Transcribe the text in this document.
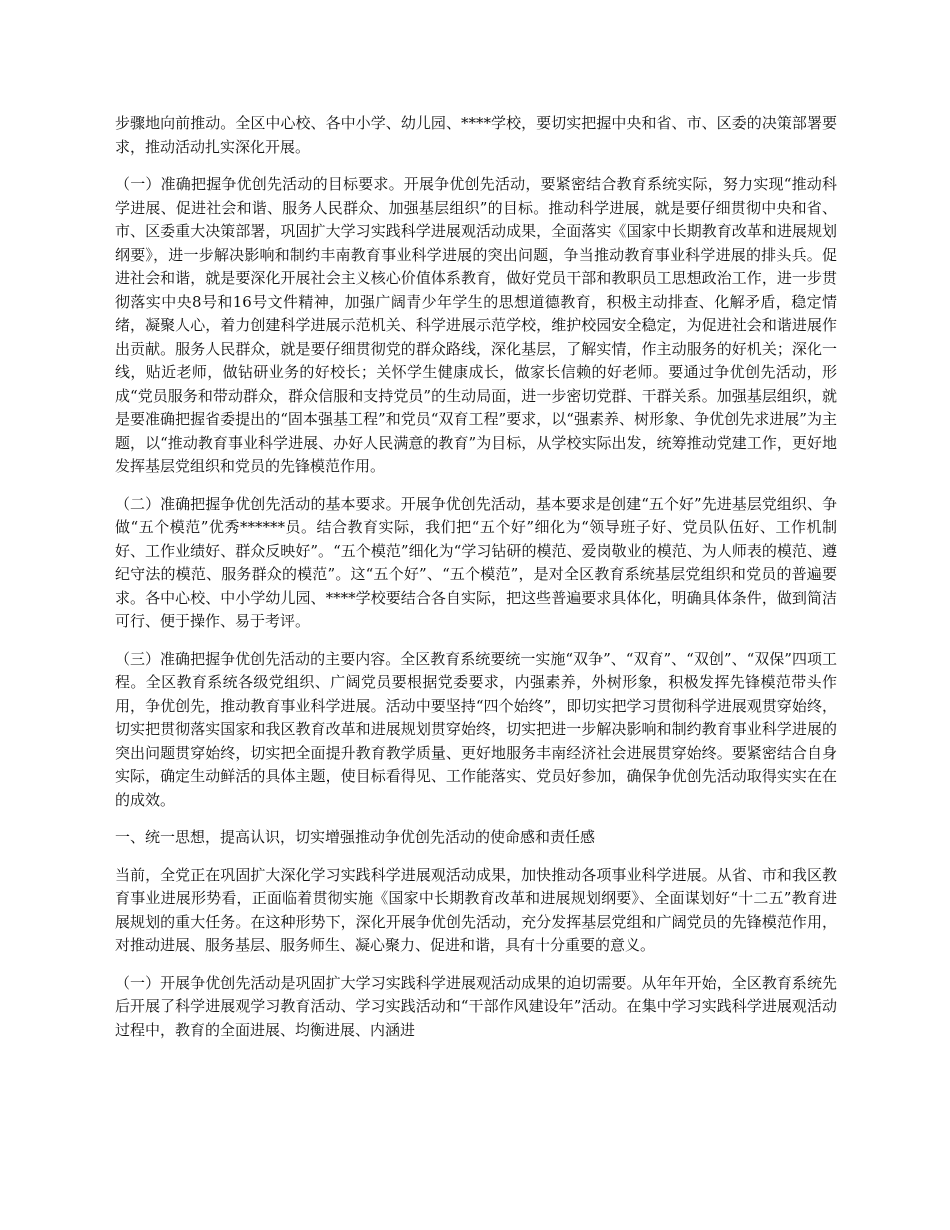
步骤地向前推动。全区中心校、各中小学、幼儿园、****学校，要切实把握中央和省、市、区委的决策部署要求，推动活动扎实深化开展。

（一）准确把握争优创先活动的目标要求。开展争优创先活动，要紧密结合教育系统实际，努力实现“推动科学进展、促进社会和谐、服务人民群众、加强基层组织”的目标。推动科学进展，就是要仔细贯彻中央和省、市、区委重大决策部署，巩固扩大学习实践科学进展观活动成果，全面落实《国家中长期教育改革和进展规划纲要》，进一步解决影响和制约丰南教育事业科学进展的突出问题，争当推动教育事业科学进展的排头兵。促进社会和谐，就是要深化开展社会主义核心价值体系教育，做好党员干部和教职员工思想政治工作，进一步贯彻落实中央8号和16号文件精神，加强广阔青少年学生的思想道德教育，积极主动排查、化解矛盾，稳定情绪，凝聚人心，着力创建科学进展示范机关、科学进展示范学校，维护校园安全稳定，为促进社会和谐进展作出贡献。服务人民群众，就是要仔细贯彻党的群众路线，深化基层，了解实情，作主动服务的好机关；深化一线，贴近老师，做钻研业务的好校长；关怀学生健康成长，做家长信赖的好老师。要通过争优创先活动，形成“党员服务和带动群众，群众信服和支持党员”的生动局面，进一步密切党群、干群关系。加强基层组织，就是要准确把握省委提出的“固本强基工程”和党员“双育工程”要求，以“强素养、树形象、争优创先求进展”为主题，以“推动教育事业科学进展、办好人民满意的教育”为目标，从学校实际出发，统筹推动党建工作，更好地发挥基层党组织和党员的先锋模范作用。

（二）准确把握争优创先活动的基本要求。开展争优创先活动，基本要求是创建“五个好”先进基层党组织、争做“五个模范”优秀******员。结合教育实际，我们把“五个好”细化为“领导班子好、党员队伍好、工作机制好、工作业绩好、群众反映好”。“五个模范”细化为“学习钻研的模范、爱岗敬业的模范、为人师表的模范、遵纪守法的模范、服务群众的模范”。这“五个好”、“五个模范”，是对全区教育系统基层党组织和党员的普遍要求。各中心校、中小学幼儿园、****学校要结合各自实际，把这些普遍要求具体化，明确具体条件，做到简洁可行、便于操作、易于考评。

（三）准确把握争优创先活动的主要内容。全区教育系统要统一实施“双争”、“双育”、“双创”、“双保”四项工程。全区教育系统各级党组织、广阔党员要根据党委要求，内强素养，外树形象，积极发挥先锋模范带头作用，争优创先，推动教育事业科学进展。活动中要坚持“四个始终”，即切实把学习贯彻科学进展观贯穿始终，切实把贯彻落实国家和我区教育改革和进展规划贯穿始终，切实把进一步解决影响和制约教育事业科学进展的突出问题贯穿始终，切实把全面提升教育教学质量、更好地服务丰南经济社会进展贯穿始终。要紧密结合自身实际，确定生动鲜活的具体主题，使目标看得见、工作能落实、党员好参加，确保争优创先活动取得实实在在的成效。

一、统一思想，提高认识，切实增强推动争优创先活动的使命感和责任感

当前，全党正在巩固扩大深化学习实践科学进展观活动成果，加快推动各项事业科学进展。从省、市和我区教育事业进展形势看，正面临着贯彻实施《国家中长期教育改革和进展规划纲要》、全面谋划好“十二五”教育进展规划的重大任务。在这种形势下，深化开展争优创先活动，充分发挥基层党组和广阔党员的先锋模范作用，对推动进展、服务基层、服务师生、凝心聚力、促进和谐，具有十分重要的意义。

（一）开展争优创先活动是巩固扩大学习实践科学进展观活动成果的迫切需要。从年年开始，全区教育系统先后开展了科学进展观学习教育活动、学习实践活动和“干部作风建设年”活动。在集中学习实践科学进展观活动过程中，教育的全面进展、均衡进展、内涵进
